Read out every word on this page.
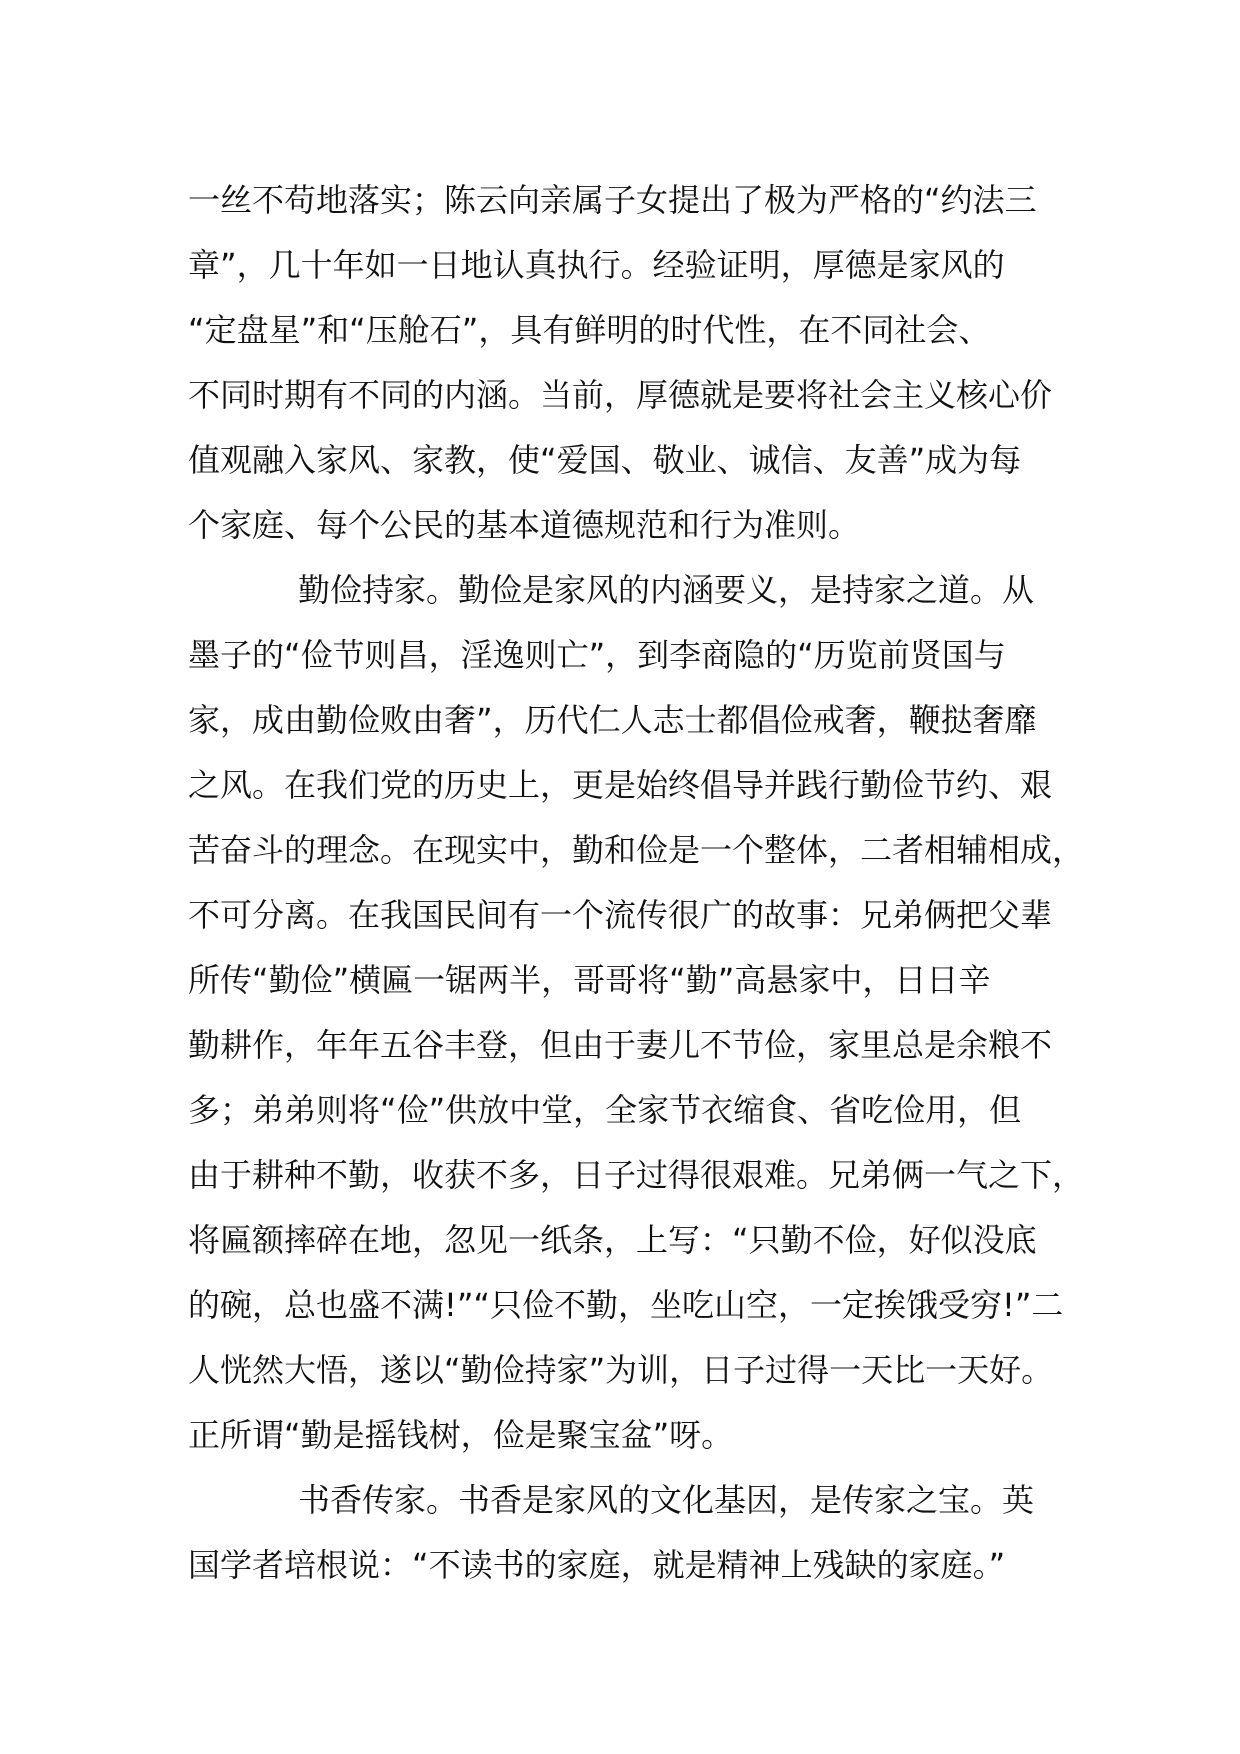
一丝不苟地落实；陈云向亲属子女提出了极为严格的“约法三
章”，几十年如一日地认真执行。经验证明，厚德是家风的
“定盘星”和“压舱石”，具有鲜明的时代性，在不同社会、
不同时期有不同的内涵。当前，厚德就是要将社会主义核心价
值观融入家风、家教，使“爱国、敬业、诚信、友善”成为每
个家庭、每个公民的基本道德规范和行为准则。
勤俭持家。勤俭是家风的内涵要义，是持家之道。从
墨子的“俭节则昌，淫逸则亡”，到李商隐的“历览前贤国与
家，成由勤俭败由奢”，历代仁人志士都倡俭戒奢，鞭挞奢靡
之风。在我们党的历史上，更是始终倡导并践行勤俭节约、艰
苦奋斗的理念。在现实中，勤和俭是一个整体，二者相辅相成，
不可分离。在我国民间有一个流传很广的故事：兄弟俩把父辈
所传“勤俭”横匾一锯两半，哥哥将“勤”高悬家中，日日辛
勤耕作，年年五谷丰登，但由于妻儿不节俭，家里总是余粮不
多；弟弟则将“俭”供放中堂，全家节衣缩食、省吃俭用，但
由于耕种不勤，收获不多，日子过得很艰难。兄弟俩一气之下，
将匾额摔碎在地，忽见一纸条，上写：“只勤不俭，好似没底
的碗，总也盛不满!”“只俭不勤，坐吃山空，一定挨饿受穷!”二
人恍然大悟，遂以“勤俭持家”为训，日子过得一天比一天好。
正所谓“勤是摇钱树，俭是聚宝盆”呀。
书香传家。书香是家风的文化基因，是传家之宝。英
国学者培根说：“不读书的家庭，就是精神上残缺的家庭。”
